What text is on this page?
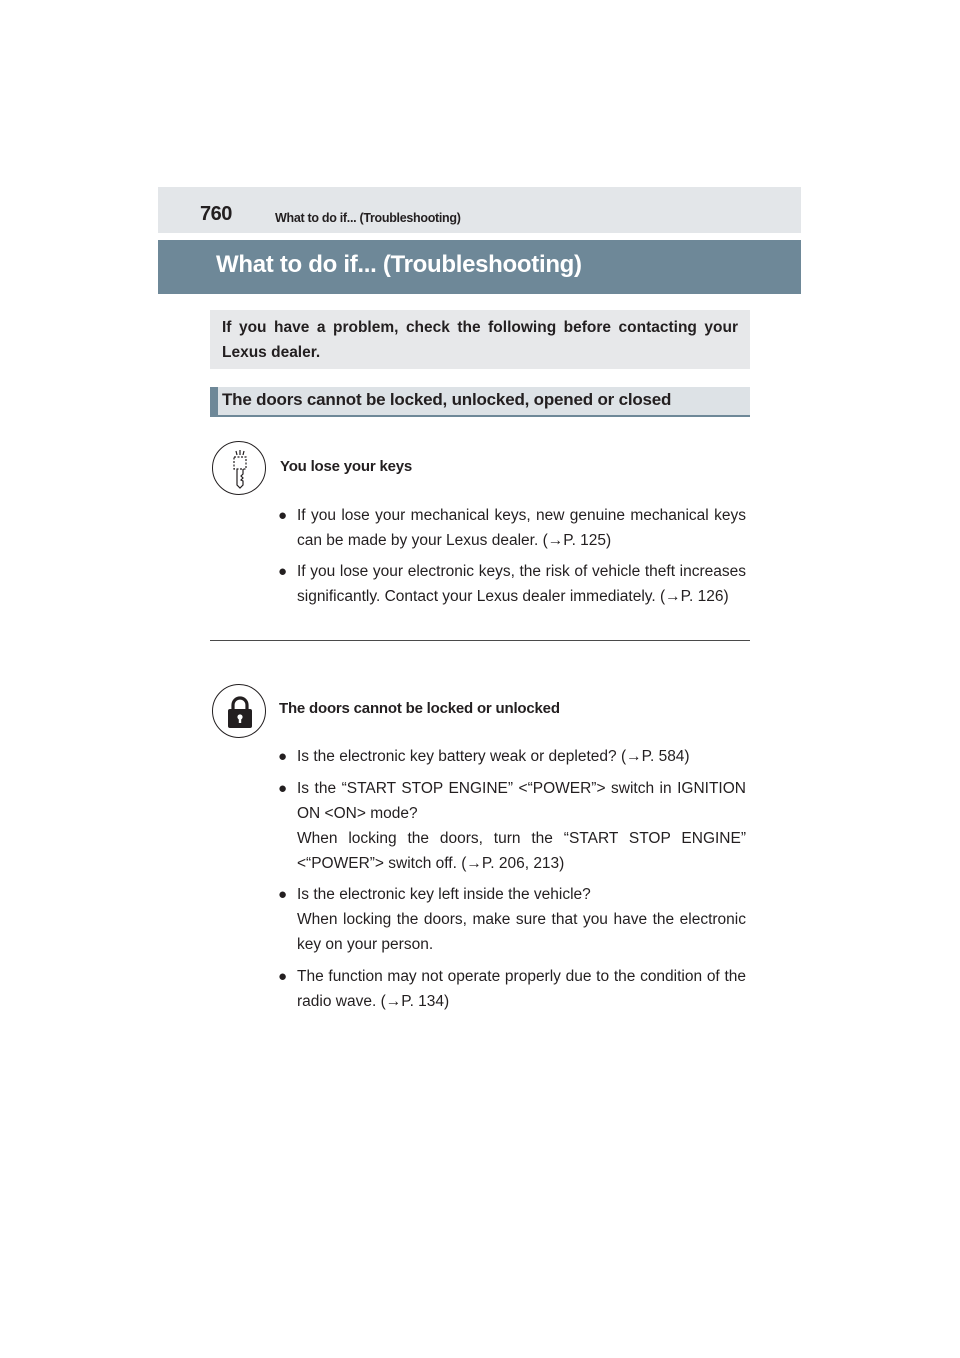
760	What to do if... (Troubleshooting)
What to do if... (Troubleshooting)
If you have a problem, check the following before contacting your Lexus dealer.
The doors cannot be locked, unlocked, opened or closed
You lose your keys
● If you lose your mechanical keys, new genuine mechanical keys can be made by your Lexus dealer. (→P. 125)
● If you lose your electronic keys, the risk of vehicle theft increases significantly. Contact your Lexus dealer immediately. (→P. 126)
The doors cannot be locked or unlocked
● Is the electronic key battery weak or depleted? (→P. 584)
● Is the “START STOP ENGINE” <“POWER”> switch in IGNITION ON <ON> mode?
When locking the doors, turn the “START STOP ENGINE” <“POWER”> switch off. (→P. 206, 213)
● Is the electronic key left inside the vehicle?
When locking the doors, make sure that you have the electronic key on your person.
● The function may not operate properly due to the condition of the radio wave. (→P. 134)
